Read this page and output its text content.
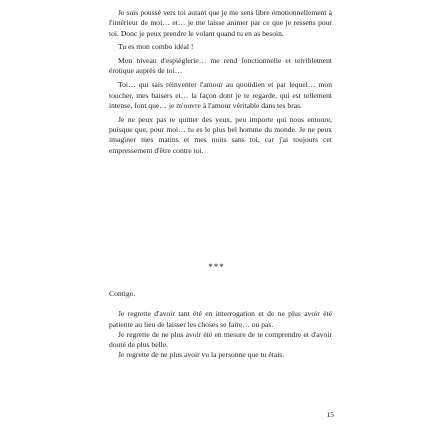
Je suis poussé vers toi autant que je me sens libre émotionnellement à l'intérieur de moi… et… je me laisse animer par ce que je ressens pour toi. Donc je peux prendre le volant quand tu en as besoin.

Tu es mon combo idéal !

Mon niveau d'espièglerie… me rend fonctionnelle et terriblement érotique auprès de toi…

Toi… qui sais réinventer l'amour au quotidien et par lequel… mon toucher, mes baisers et… la façon dont je te regarde, qui est tellement intense, font que… je m'ouvre à l'amour véritable dans tes bras.

Je ne peux pas te quitter des yeux, peu importe qui nous entoure, puisque que, pour moi… tu es le plus bel homme du monde. Je ne peux imaginer mes matins et mes nuits sans toi, car j'ai toujours cet empressement d'être contre toi.

***

Contigo.

Je regrette d'avoir tant été en interrogation et de ne plus avoir été patiente au lieu de laisser les choses se faire… ou pas.

Je regrette de ne plus avoir été en mesure de te comprendre et d'avoir douté de plus belle.

Je regrette de ne plus avoir vu la personne que tu étais.

15
